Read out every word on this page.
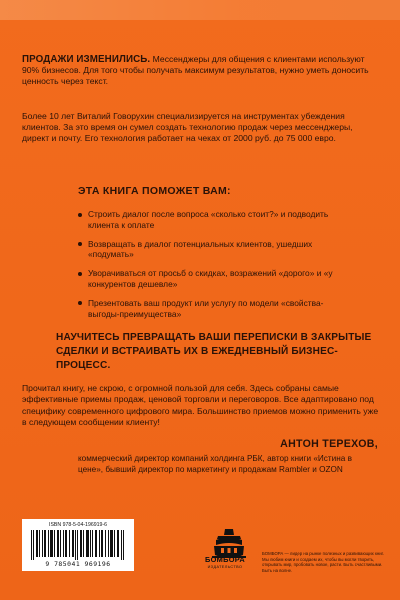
ПРОДАЖИ ИЗМЕНИЛИСЬ. Мессенджеры для общения с клиентами используют 90% бизнесов. Для того чтобы получать максимум результатов, нужно уметь доносить ценность через текст.

Более 10 лет Виталий Говорухин специализируется на инструментах убеждения клиентов. За это время он сумел создать технологию продаж через мессенджеры, директ и почту. Его технология работает на чеках от 2000 руб. до 75 000 евро.

ЭТА КНИГА ПОМОЖЕТ ВАМ:
Строить диалог после вопроса «сколько стоит?» и подводить клиента к оплате
Возвращать в диалог потенциальных клиентов, ушедших «подумать»
Уворачиваться от просьб о скидках, возражений «дорого» и «у конкурентов дешевле»
Презентовать ваш продукт или услугу по модели «свойства-выгоды-преимущества»
НАУЧИТЕСЬ ПРЕВРАЩАТЬ ВАШИ ПЕРЕПИСКИ В ЗАКРЫТЫЕ СДЕЛКИ И ВСТРАИВАТЬ ИХ В ЕЖЕДНЕВНЫЙ БИЗНЕС-ПРОЦЕСС.

Прочитал книгу, не скрою, с огромной пользой для себя. Здесь собраны самые эффективные приемы продаж, ценовой торговли и переговоров. Все адаптировано под специфику современного цифрового мира. Большинство приемов можно применить уже в следующем сообщении клиенту!

АНТОН ТЕРЕХОВ,
коммерческий директор компаний холдинга РБК, автор книги «Истина в цене», бывший директор по маркетингу и продажам Rambler и OZON
ISBN 978-5-04-196919-6
9 785041 969196	БОМБОРА
ИЗДАТЕЛЬСТВО
БОМБОРА — лидер на рынке полезных и развивающих книг. Мы любим книги и создаем их, чтобы вы могли творить, открывать мир, пробовать новое, расти. Быть счастливыми. Быть на волне.
